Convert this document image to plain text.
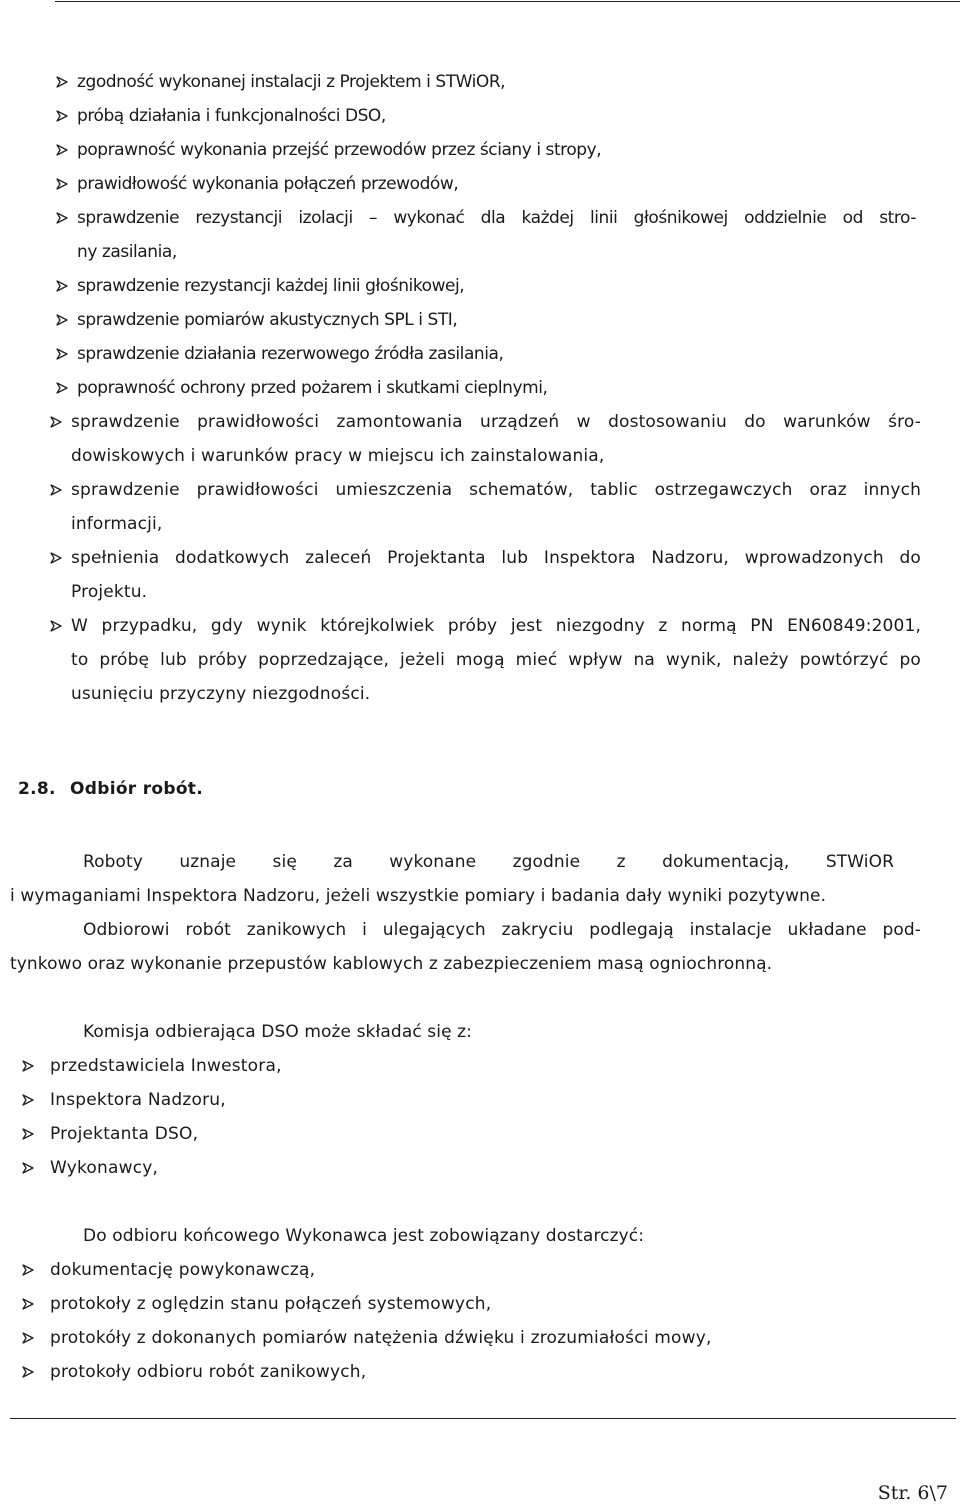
zgodność wykonanej instalacji z Projektem i STWiOR,
próbą działania i funkcjonalności DSO,
poprawność wykonania przejść przewodów przez ściany i stropy,
prawidłowość wykonania połączeń przewodów,
sprawdzenie rezystancji izolacji – wykonać dla każdej linii głośnikowej oddzielnie od stro-
ny zasilania,
sprawdzenie rezystancji każdej linii głośnikowej,
sprawdzenie pomiarów akustycznych SPL i STI,
sprawdzenie działania rezerwowego źródła zasilania,
poprawność ochrony przed pożarem i skutkami cieplnymi,
sprawdzenie prawidłowości zamontowania urządzeń w dostosowaniu do warunków śro-
dowiskowych i warunków pracy w miejscu ich zainstalowania,
sprawdzenie prawidłowości umieszczenia schematów, tablic ostrzegawczych oraz innych
informacji,
spełnienia dodatkowych zaleceń Projektanta lub Inspektora Nadzoru, wprowadzonych do
Projektu.
W przypadku, gdy wynik którejkolwiek próby jest niezgodny z normą PN EN60849:2001,
to próbę lub próby poprzedzające, jeżeli mogą mieć wpływ na wynik, należy powtórzyć po
usunięciu przyczyny niezgodności.
2.8. Odbiór robót.
Roboty uznaje się za wykonane zgodnie z dokumentacją, STWiOR
i wymaganiami Inspektora Nadzoru, jeżeli wszystkie pomiary i badania dały wyniki pozytywne.
Odbiorowi robót zanikowych i ulegających zakryciu podlegają instalacje układane pod-
tynkowo oraz wykonanie przepustów kablowych z zabezpieczeniem masą ogniochronną.
Komisja odbierająca DSO może składać się z:
przedstawiciela Inwestora,
Inspektora Nadzoru,
Projektanta DSO,
Wykonawcy,
Do odbioru końcowego Wykonawca jest zobowiązany dostarczyć:
dokumentację powykonawczą,
protokoły z oględzin stanu połączeń systemowych,
protokóły z dokonanych pomiarów natężenia dźwięku i zrozumiałości mowy,
protokoły odbioru robót zanikowych,
Str. 6\7
